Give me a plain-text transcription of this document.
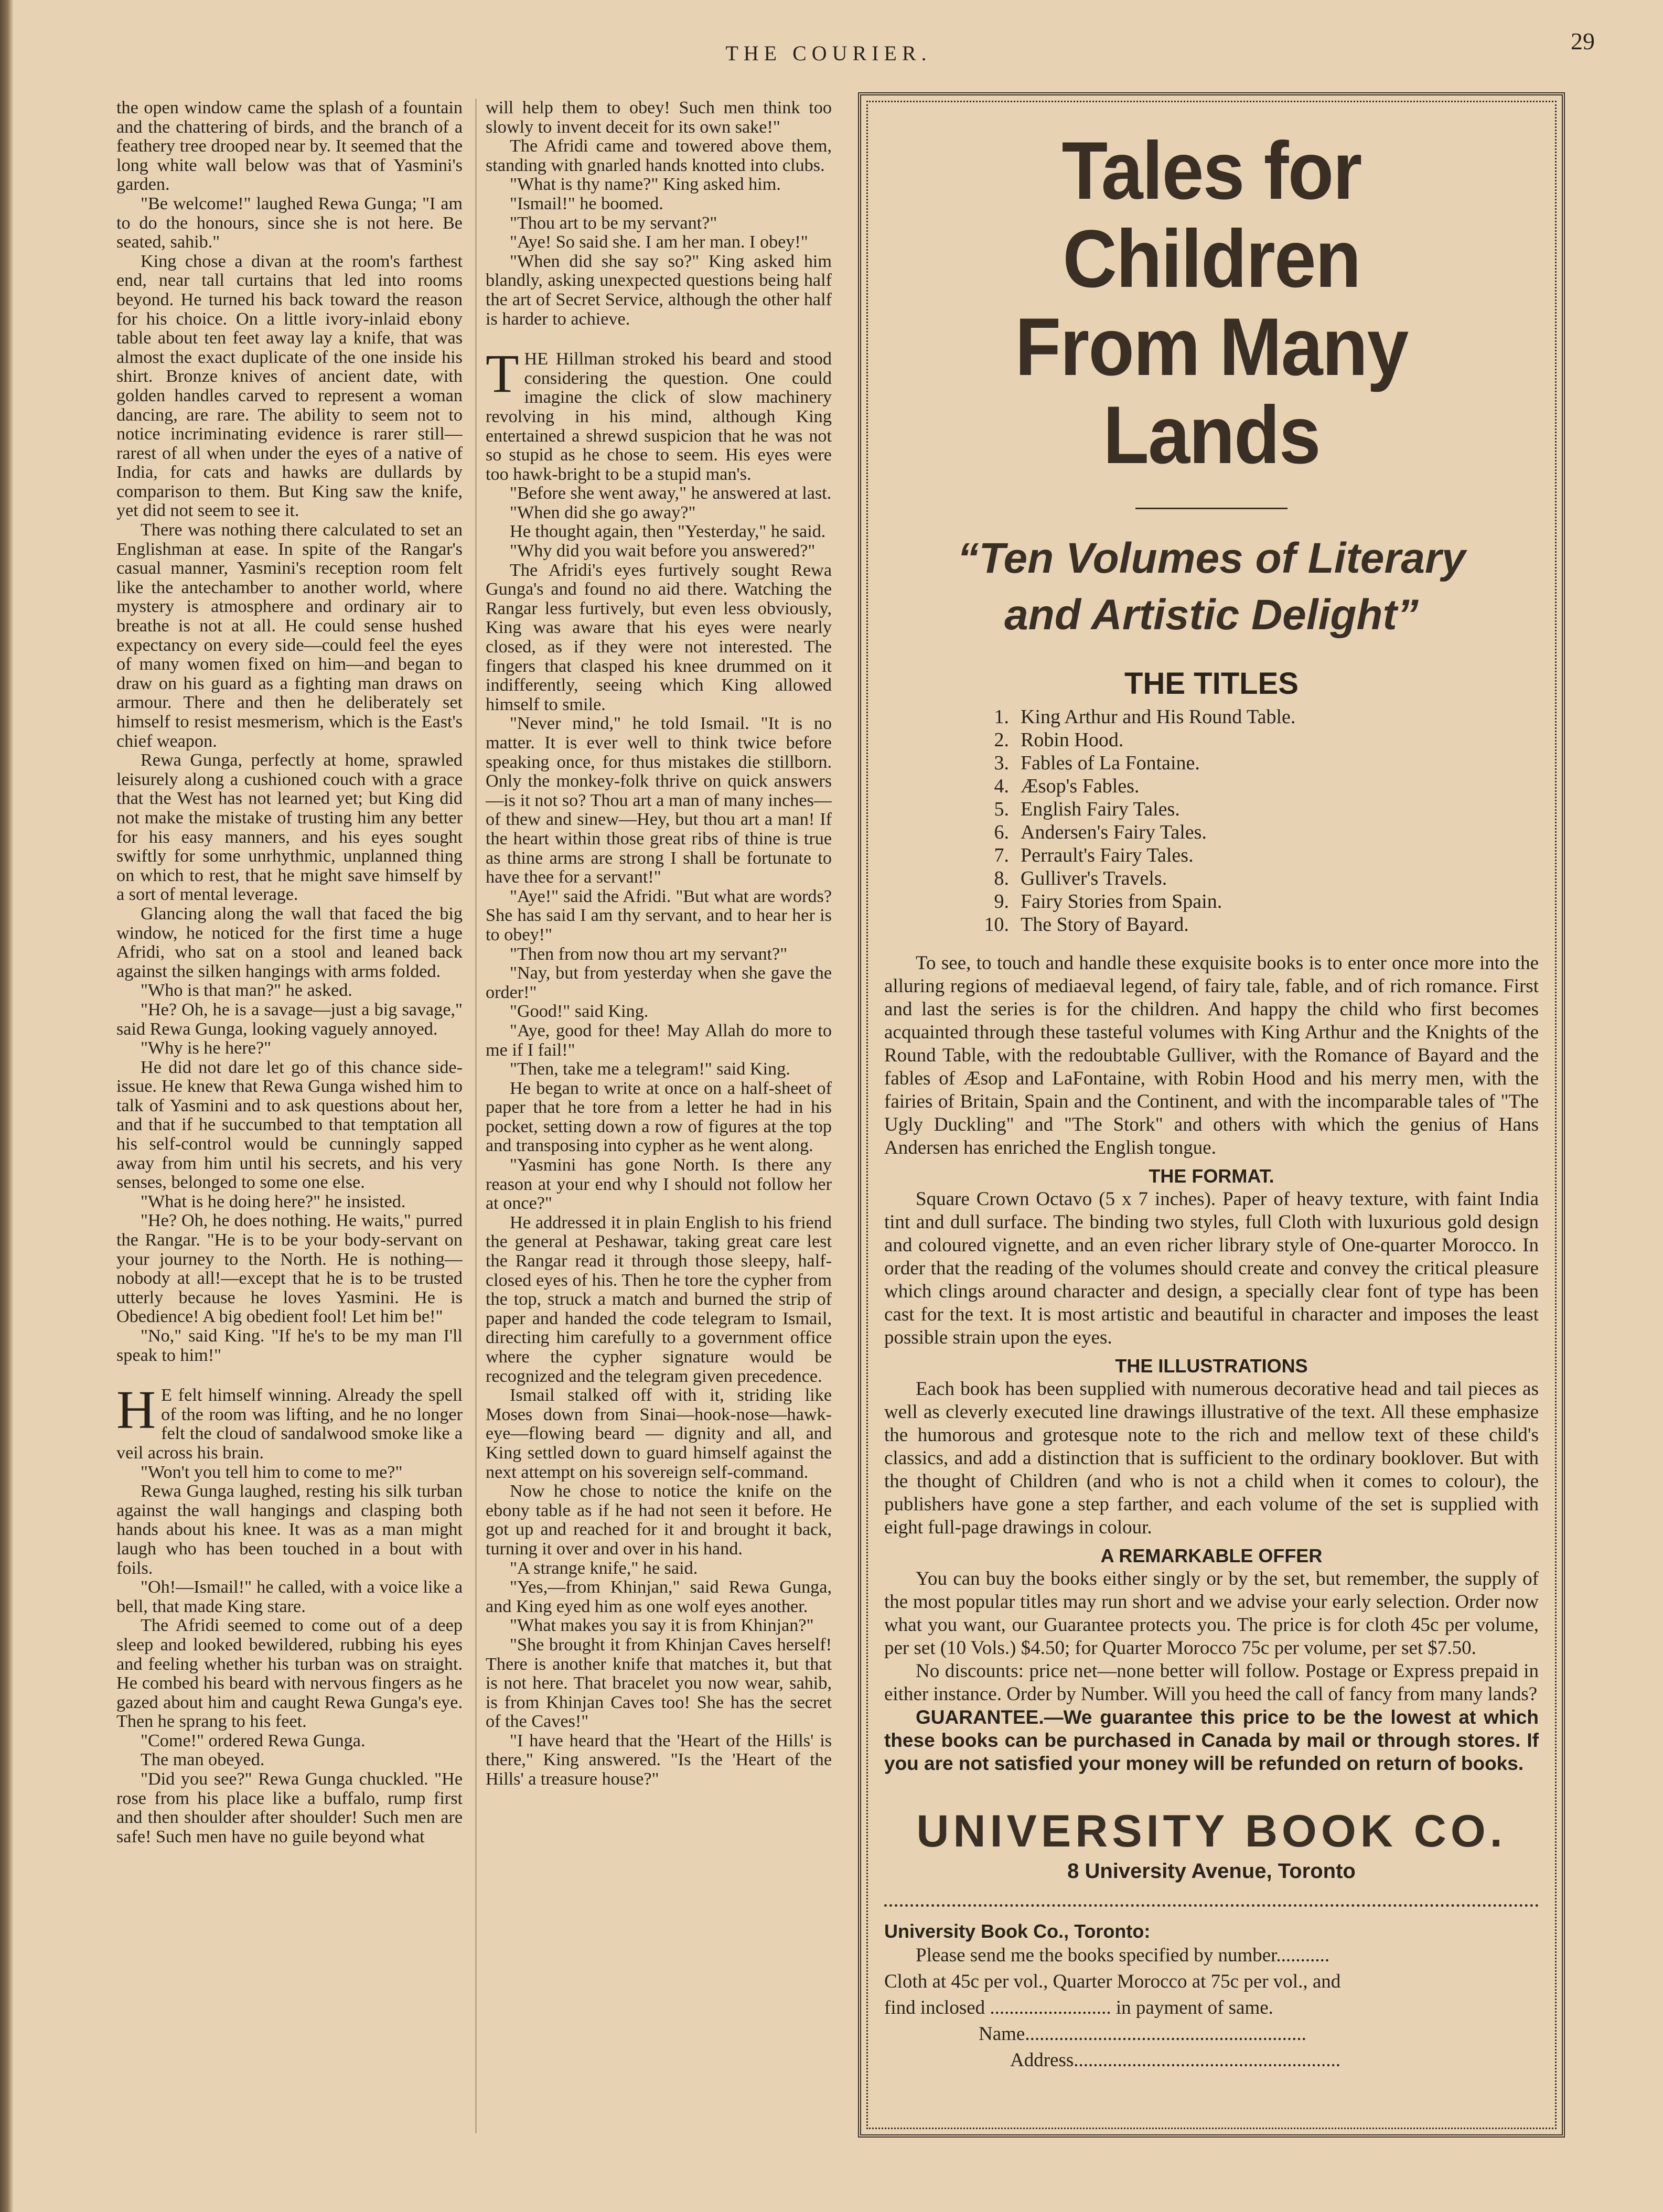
THE COURIER.	29

the open window came the splash of a fountain and the chattering of birds, and the branch of a feathery tree drooped near by. It seemed that the long white wall below was that of Yasmini's garden.

"Be welcome!" laughed Rewa Gunga; "I am to do the honours, since she is not here. Be seated, sahib."

King chose a divan at the room's farthest end, near tall curtains that led into rooms beyond. He turned his back toward the reason for his choice. On a little ivory-inlaid ebony table about ten feet away lay a knife, that was almost the exact duplicate of the one inside his shirt. Bronze knives of ancient date, with golden handles carved to represent a woman dancing, are rare. The ability to seem not to notice incriminating evidence is rarer still—rarest of all when under the eyes of a native of India, for cats and hawks are dullards by comparison to them. But King saw the knife, yet did not seem to see it.

There was nothing there calculated to set an Englishman at ease. In spite of the Rangar's casual manner, Yasmini's reception room felt like the antechamber to another world, where mystery is atmosphere and ordinary air to breathe is not at all. He could sense hushed expectancy on every side—could feel the eyes of many women fixed on him—and began to draw on his guard as a fighting man draws on armour. There and then he deliberately set himself to resist mesmerism, which is the East's chief weapon.

Rewa Gunga, perfectly at home, sprawled leisurely along a cushioned couch with a grace that the West has not learned yet; but King did not make the mistake of trusting him any better for his easy manners, and his eyes sought swiftly for some unrhythmic, unplanned thing on which to rest, that he might save himself by a sort of mental leverage.

Glancing along the wall that faced the big window, he noticed for the first time a huge Afridi, who sat on a stool and leaned back against the silken hangings with arms folded.

"Who is that man?" he asked.

"He? Oh, he is a savage—just a big savage," said Rewa Gunga, looking vaguely annoyed.

"Why is he here?"

He did not dare let go of this chance side-issue. He knew that Rewa Gunga wished him to talk of Yasmini and to ask questions about her, and that if he succumbed to that temptation all his self-control would be cunningly sapped away from him until his secrets, and his very senses, belonged to some one else.

"What is he doing here?" he insisted.

"He? Oh, he does nothing. He waits," purred the Rangar. "He is to be your body-servant on your journey to the North. He is nothing—nobody at all!—except that he is to be trusted utterly because he loves Yasmini. He is Obedience! A big obedient fool! Let him be!"

"No," said King. "If he's to be my man I'll speak to him!"

H E felt himself winning. Already the spell of the room was lifting, and he no longer felt the cloud of sandalwood smoke like a veil across his brain.

"Won't you tell him to come to me?"

Rewa Gunga laughed, resting his silk turban against the wall hangings and clasping both hands about his knee. It was as a man might laugh who has been touched in a bout with foils.

"Oh!—Ismail!" he called, with a voice like a bell, that made King stare.

The Afridi seemed to come out of a deep sleep and looked bewildered, rubbing his eyes and feeling whether his turban was on straight. He combed his beard with nervous fingers as he gazed about him and caught Rewa Gunga's eye. Then he sprang to his feet.

"Come!" ordered Rewa Gunga.

The man obeyed.

"Did you see?" Rewa Gunga chuckled. "He rose from his place like a buffalo, rump first and then shoulder after shoulder! Such men are safe! Such men have no guile beyond what

will help them to obey! Such men think too slowly to invent deceit for its own sake!"

The Afridi came and towered above them, standing with gnarled hands knotted into clubs.

"What is thy name?" King asked him.

"Ismail!" he boomed.

"Thou art to be my servant?"

"Aye! So said she. I am her man. I obey!"

"When did she say so?" King asked him blandly, asking unexpected questions being half the art of Secret Service, although the other half is harder to achieve.

THE Hillman stroked his beard and stood considering the question. One could imagine the click of slow machinery revolving in his mind, although King entertained a shrewd suspicion that he was not so stupid as he chose to seem. His eyes were too hawk-bright to be a stupid man's.

"Before she went away," he answered at last.

"When did she go away?"

He thought again, then "Yesterday," he said.

"Why did you wait before you answered?"

The Afridi's eyes furtively sought Rewa Gunga's and found no aid there. Watching the Rangar less furtively, but even less obviously, King was aware that his eyes were nearly closed, as if they were not interested. The fingers that clasped his knee drummed on it indifferently, seeing which King allowed himself to smile.

"Never mind," he told Ismail. "It is no matter. It is ever well to think twice before speaking once, for thus mistakes die stillborn. Only the monkey-folk thrive on quick answers—is it not so? Thou art a man of many inches—of thew and sinew—Hey, but thou art a man! If the heart within those great ribs of thine is true as thine arms are strong I shall be fortunate to have thee for a servant!"

"Aye!" said the Afridi. "But what are words? She has said I am thy servant, and to hear her is to obey!"

"Then from now thou art my servant?"

"Nay, but from yesterday when she gave the order!"

"Good!" said King.

"Aye, good for thee! May Allah do more to me if I fail!"

"Then, take me a telegram!" said King.

He began to write at once on a half-sheet of paper that he tore from a letter he had in his pocket, setting down a row of figures at the top and transposing into cypher as he went along.

"Yasmini has gone North. Is there any reason at your end why I should not follow her at once?"

He addressed it in plain English to his friend the general at Peshawar, taking great care lest the Rangar read it through those sleepy, half-closed eyes of his. Then he tore the cypher from the top, struck a match and burned the strip of paper and handed the code telegram to Ismail, directing him carefully to a government office where the cypher signature would be recognized and the telegram given precedence.

Ismail stalked off with it, striding like Moses down from Sinai—hook-nose—hawk-eye—flowing beard — dignity and all, and King settled down to guard himself against the next attempt on his sovereign self-command.

Now he chose to notice the knife on the ebony table as if he had not seen it before. He got up and reached for it and brought it back, turning it over and over in his hand.

"A strange knife," he said.

"Yes,—from Khinjan," said Rewa Gunga, and King eyed him as one wolf eyes another.

"What makes you say it is from Khinjan?"

"She brought it from Khinjan Caves herself! There is another knife that matches it, but that is not here. That bracelet you now wear, sahib, is from Khinjan Caves too! She has the secret of the Caves!"

"I have heard that the 'Heart of the Hills' is there," King answered. "Is the 'Heart of the Hills' a treasure house?"

Tales for Children
From Many Lands

“Ten Volumes of Literary
and Artistic Delight”

THE TITLES
1. King Arthur and His Round Table.
2. Robin Hood.
3. Fables of La Fontaine.
4. Æsop's Fables.
5. English Fairy Tales.
6. Andersen's Fairy Tales.
7. Perrault's Fairy Tales.
8. Gulliver's Travels.
9. Fairy Stories from Spain.
10. The Story of Bayard.

To see, to touch and handle these exquisite books is to enter once more into the alluring regions of mediaeval legend, of fairy tale, fable, and of rich romance. First and last the series is for the children. And happy the child who first becomes acquainted through these tasteful volumes with King Arthur and the Knights of the Round Table, with the redoubtable Gulliver, with the Romance of Bayard and the fables of Æsop and LaFontaine, with Robin Hood and his merry men, with the fairies of Britain, Spain and the Continent, and with the incomparable tales of "The Ugly Duckling" and "The Stork" and others with which the genius of Hans Andersen has enriched the English tongue.

THE FORMAT.

Square Crown Octavo (5 x 7 inches). Paper of heavy texture, with faint India tint and dull surface. The binding two styles, full Cloth with luxurious gold design and coloured vignette, and an even richer library style of One-quarter Morocco. In order that the reading of the volumes should create and convey the critical pleasure which clings around character and design, a specially clear font of type has been cast for the text. It is most artistic and beautiful in character and imposes the least possible strain upon the eyes.

THE ILLUSTRATIONS

Each book has been supplied with numerous decorative head and tail pieces as well as cleverly executed line drawings illustrative of the text. All these emphasize the humorous and grotesque note to the rich and mellow text of these child's classics, and add a distinction that is sufficient to the ordinary booklover. But with the thought of Children (and who is not a child when it comes to colour), the publishers have gone a step farther, and each volume of the set is supplied with eight full-page drawings in colour.

A REMARKABLE OFFER

You can buy the books either singly or by the set, but remember, the supply of the most popular titles may run short and we advise your early selection. Order now what you want, our Guarantee protects you. The price is for cloth 45c per volume, per set (10 Vols.) $4.50; for Quarter Morocco 75c per volume, per set $7.50.

No discounts: price net—none better will follow. Postage or Express prepaid in either instance. Order by Number. Will you heed the call of fancy from many lands?

GUARANTEE.—We guarantee this price to be the lowest at which these books can be purchased in Canada by mail or through stores. If you are not satisfied your money will be refunded on return of books.

UNIVERSITY BOOK CO.

8 University Avenue, Toronto

University Book Co., Toronto:

Please send me the books specified by number...........

Cloth at 45c per vol., Quarter Morocco at 75c per vol., and

find inclosed ......................... in payment of same.

Name..........................................................

Address.......................................................
